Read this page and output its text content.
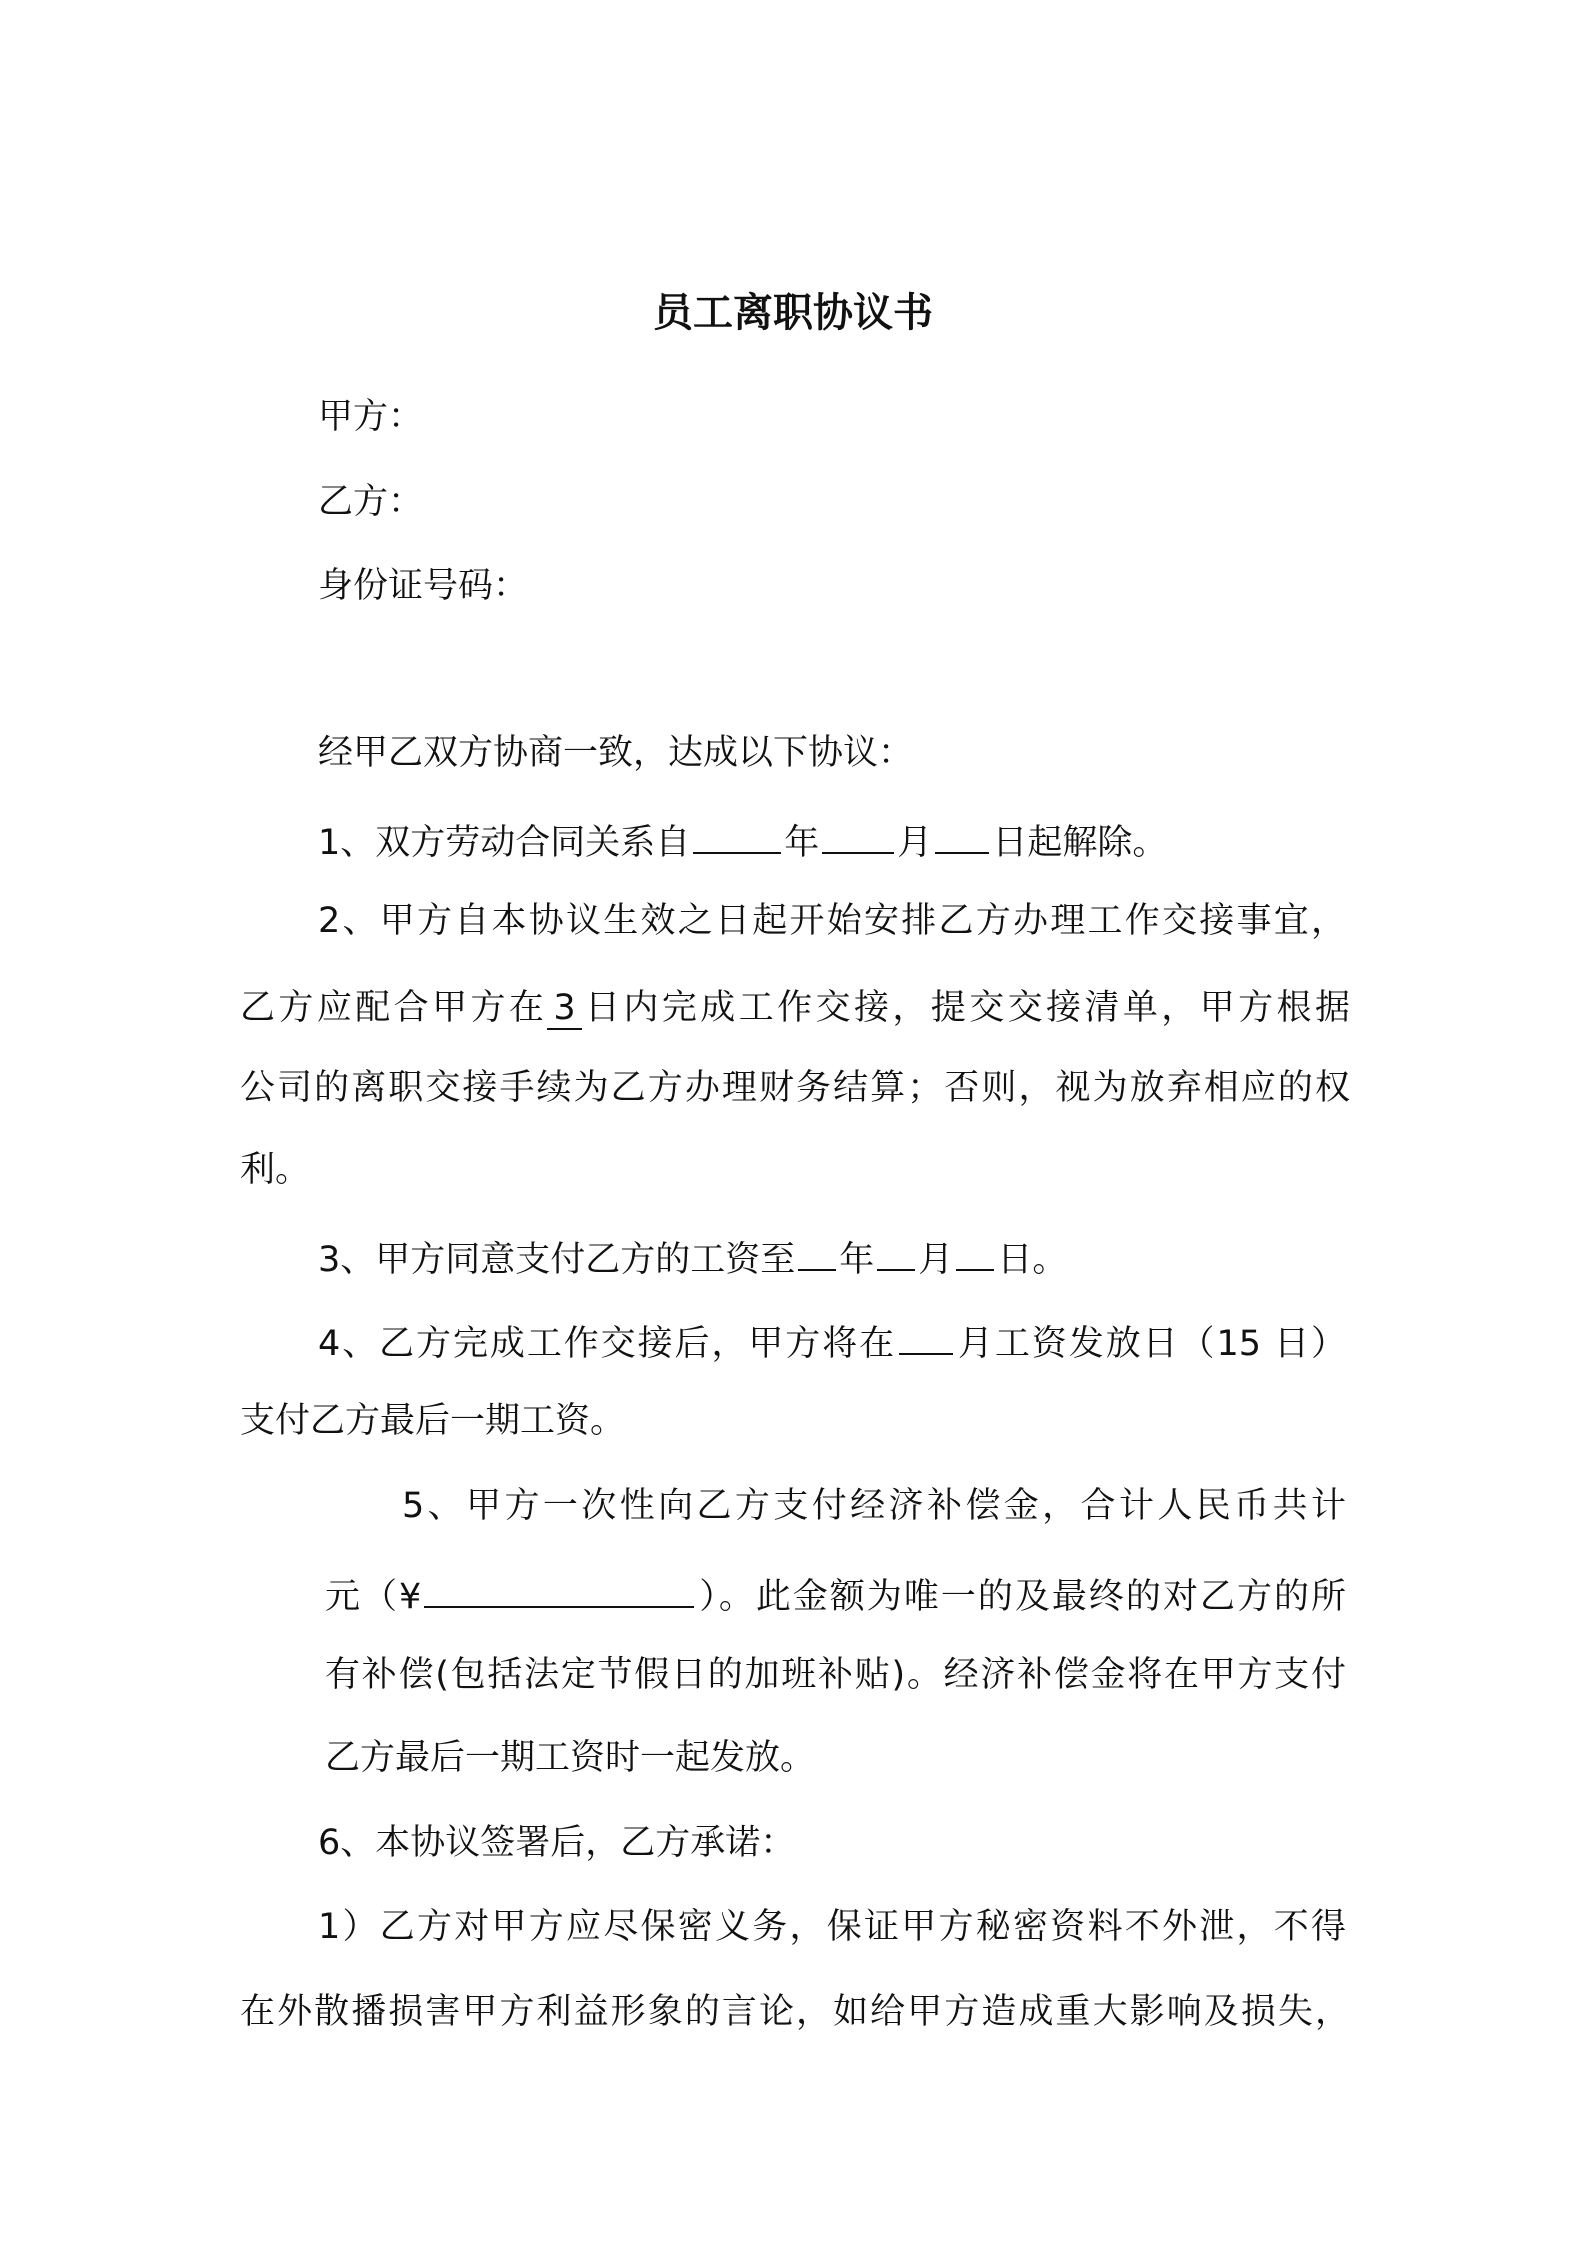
员工离职协议书
甲方：
乙方：
身份证号码：
经甲乙双方协商一致，达成以下协议：
1、双方劳动合同关系自	年 月 日起解除。
2、甲方自本协议生效之日起开始安排乙方办理工作交接事宜，
乙方应配合甲方在 3 日内完成工作交接，提交交接清单，甲方根据
公司的离职交接手续为乙方办理财务结算；否则，视为放弃相应的权
利。
3、甲方同意支付乙方的工资至 年 月 日。
4、乙方完成工作交接后，甲方将在 月工资发放日（15 日）
支付乙方最后一期工资。
5、甲方一次性向乙方支付经济补偿金，合计人民币共计
元（¥	）。此金额为唯一的及最终的对乙方的所
有补偿(包括法定节假日的加班补贴)。经济补偿金将在甲方支付
乙方最后一期工资时一起发放。
6、本协议签署后，乙方承诺：
1）乙方对甲方应尽保密义务，保证甲方秘密资料不外泄，不得
在外散播损害甲方利益形象的言论，如给甲方造成重大影响及损失，
